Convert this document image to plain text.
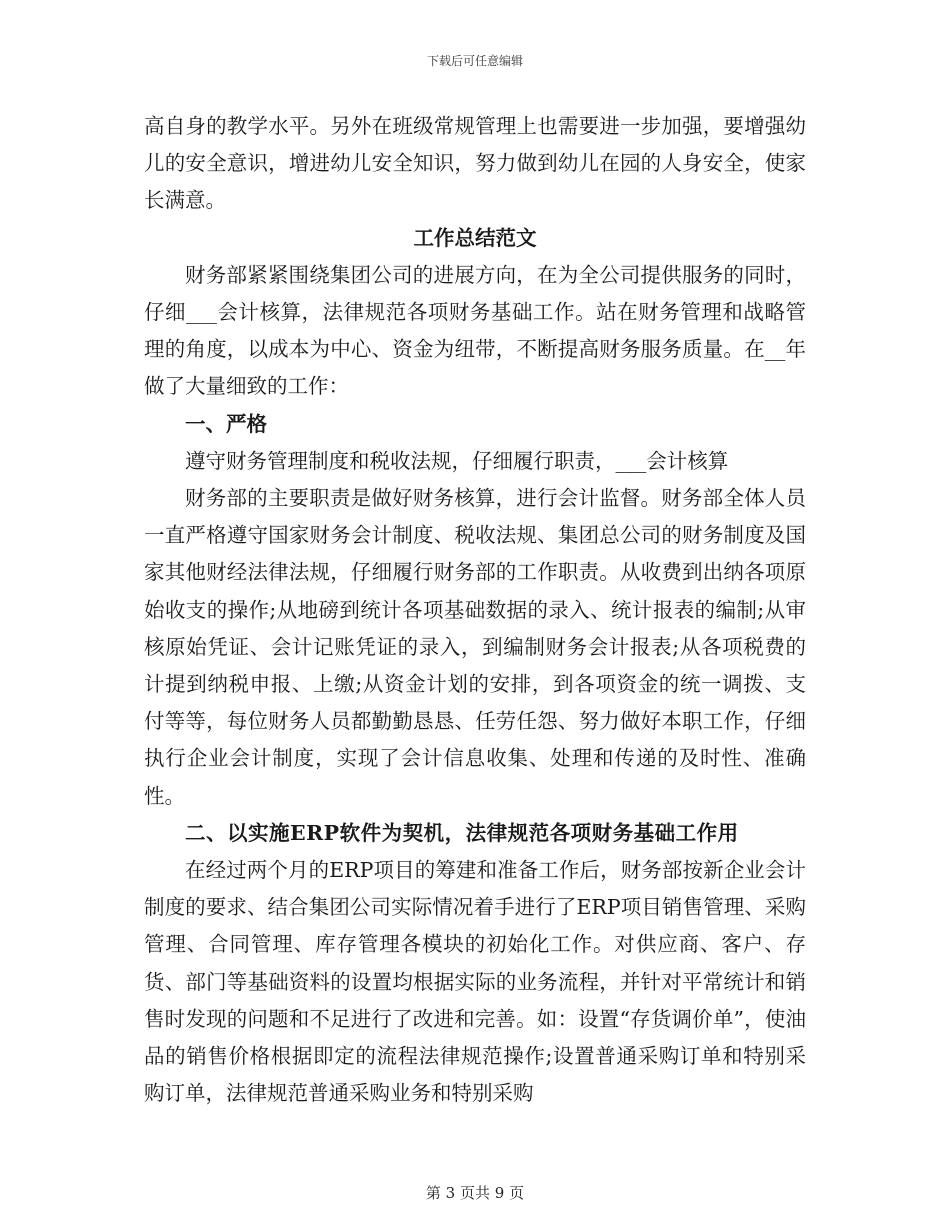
下载后可任意编辑

高自身的教学水平。另外在班级常规管理上也需要进一步加强，要增强幼儿的安全意识，增进幼儿安全知识，努力做到幼儿在园的人身安全，使家长满意。

工作总结范文

财务部紧紧围绕集团公司的进展方向，在为全公司提供服务的同时，仔细___会计核算，法律规范各项财务基础工作。站在财务管理和战略管理的角度，以成本为中心、资金为纽带，不断提高财务服务质量。在__年做了大量细致的工作：

一、严格

遵守财务管理制度和税收法规，仔细履行职责，___会计核算

财务部的主要职责是做好财务核算，进行会计监督。财务部全体人员一直严格遵守国家财务会计制度、税收法规、集团总公司的财务制度及国家其他财经法律法规，仔细履行财务部的工作职责。从收费到出纳各项原始收支的操作;从地磅到统计各项基础数据的录入、统计报表的编制;从审核原始凭证、会计记账凭证的录入，到编制财务会计报表;从各项税费的计提到纳税申报、上缴;从资金计划的安排，到各项资金的统一调拨、支付等等，每位财务人员都勤勤恳恳、任劳任怨、努力做好本职工作，仔细执行企业会计制度，实现了会计信息收集、处理和传递的及时性、准确性。

二、以实施ERP软件为契机，法律规范各项财务基础工作用

在经过两个月的ERP项目的筹建和准备工作后，财务部按新企业会计制度的要求、结合集团公司实际情况着手进行了ERP项目销售管理、采购管理、合同管理、库存管理各模块的初始化工作。对供应商、客户、存货、部门等基础资料的设置均根据实际的业务流程，并针对平常统计和销售时发现的问题和不足进行了改进和完善。如：设置“存货调价单”，使油品的销售价格根据即定的流程法律规范操作;设置普通采购订单和特别采购订单，法律规范普通采购业务和特别采购

第 3 页共 9 页
